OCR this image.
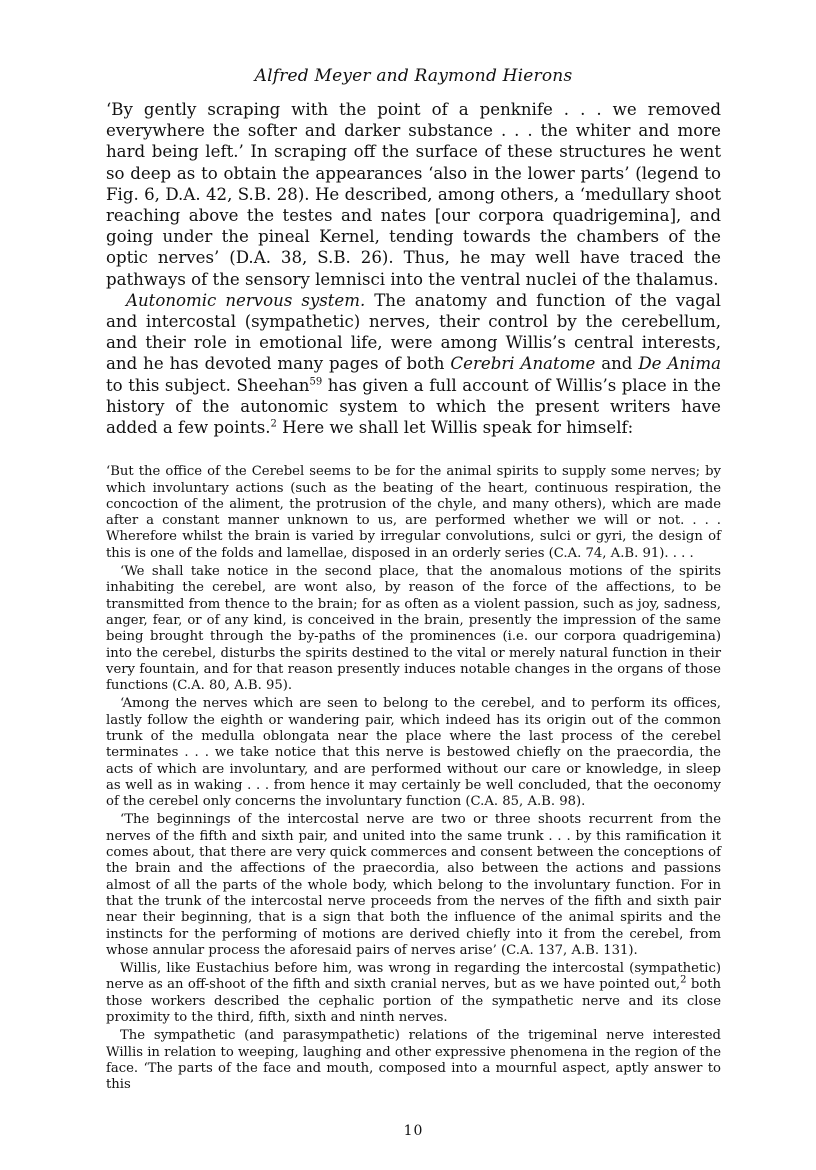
Alfred Meyer and Raymond Hierons

‘By gently scraping with the point of a penknife . . . we removed everywhere the softer and darker substance . . . the whiter and more hard being left.’ In scraping off the surface of these structures he went so deep as to obtain the appearances ‘also in the lower parts’ (legend to Fig. 6, D.A. 42, S.B. 28). He described, among others, a ‘medullary shoot reaching above the testes and nates [our corpora quadrigemina], and going under the pineal Kernel, tending towards the chambers of the optic nerves’ (D.A. 38, S.B. 26). Thus, he may well have traced the pathways of the sensory lemnisci into the ventral nuclei of the thalamus.

Autonomic nervous system. The anatomy and function of the vagal and intercostal (sympathetic) nerves, their control by the cerebellum, and their role in emotional life, were among Willis’s central interests, and he has devoted many pages of both Cerebri Anatome and De Anima to this subject. Sheehan$^{59}$ has given a full account of Willis’s place in the history of the autonomic system to which the present writers have added a few points.$^2$ Here we shall let Willis speak for himself:

‘But the office of the Cerebel seems to be for the animal spirits to supply some nerves; by which involuntary actions (such as the beating of the heart, continuous respiration, the concoction of the aliment, the protrusion of the chyle, and many others), which are made after a constant manner unknown to us, are performed whether we will or not. . . . Wherefore whilst the brain is varied by irregular convolutions, sulci or gyri, the design of this is one of the folds and lamellae, disposed in an orderly series (C.A. 74, A.B. 91). . . .

‘We shall take notice in the second place, that the anomalous motions of the spirits inhabiting the cerebel, are wont also, by reason of the force of the affections, to be transmitted from thence to the brain; for as often as a violent passion, such as joy, sadness, anger, fear, or of any kind, is conceived in the brain, presently the impression of the same being brought through the by-paths of the prominences (i.e. our corpora quadrigemina) into the cerebel, disturbs the spirits destined to the vital or merely natural function in their very fountain, and for that reason presently induces notable changes in the organs of those functions (C.A. 80, A.B. 95).

‘Among the nerves which are seen to belong to the cerebel, and to perform its offices, lastly follow the eighth or wandering pair, which indeed has its origin out of the common trunk of the medulla oblongata near the place where the last process of the cerebel terminates . . . we take notice that this nerve is bestowed chiefly on the praecordia, the acts of which are involuntary, and are performed without our care or knowledge, in sleep as well as in waking . . . from hence it may certainly be well concluded, that the oeconomy of the cerebel only concerns the involuntary function (C.A. 85, A.B. 98).

‘The beginnings of the intercostal nerve are two or three shoots recurrent from the nerves of the fifth and sixth pair, and united into the same trunk . . . by this ramification it comes about, that there are very quick commerces and consent between the conceptions of the brain and the affections of the praecordia, also between the actions and passions almost of all the parts of the whole body, which belong to the involuntary function. For in that the trunk of the intercostal nerve proceeds from the nerves of the fifth and sixth pair near their beginning, that is a sign that both the influence of the animal spirits and the instincts for the performing of motions are derived chiefly into it from the cerebel, from whose annular process the aforesaid pairs of nerves arise’ (C.A. 137, A.B. 131).

Willis, like Eustachius before him, was wrong in regarding the intercostal (sympathetic) nerve as an off-shoot of the fifth and sixth cranial nerves, but as we have pointed out,$^2$ both those workers described the cephalic portion of the sympathetic nerve and its close proximity to the third, fifth, sixth and ninth nerves.

The sympathetic (and parasympathetic) relations of the trigeminal nerve interested Willis in relation to weeping, laughing and other expressive phenomena in the region of the face. ‘The parts of the face and mouth, composed into a mournful aspect, aptly answer to this

10
